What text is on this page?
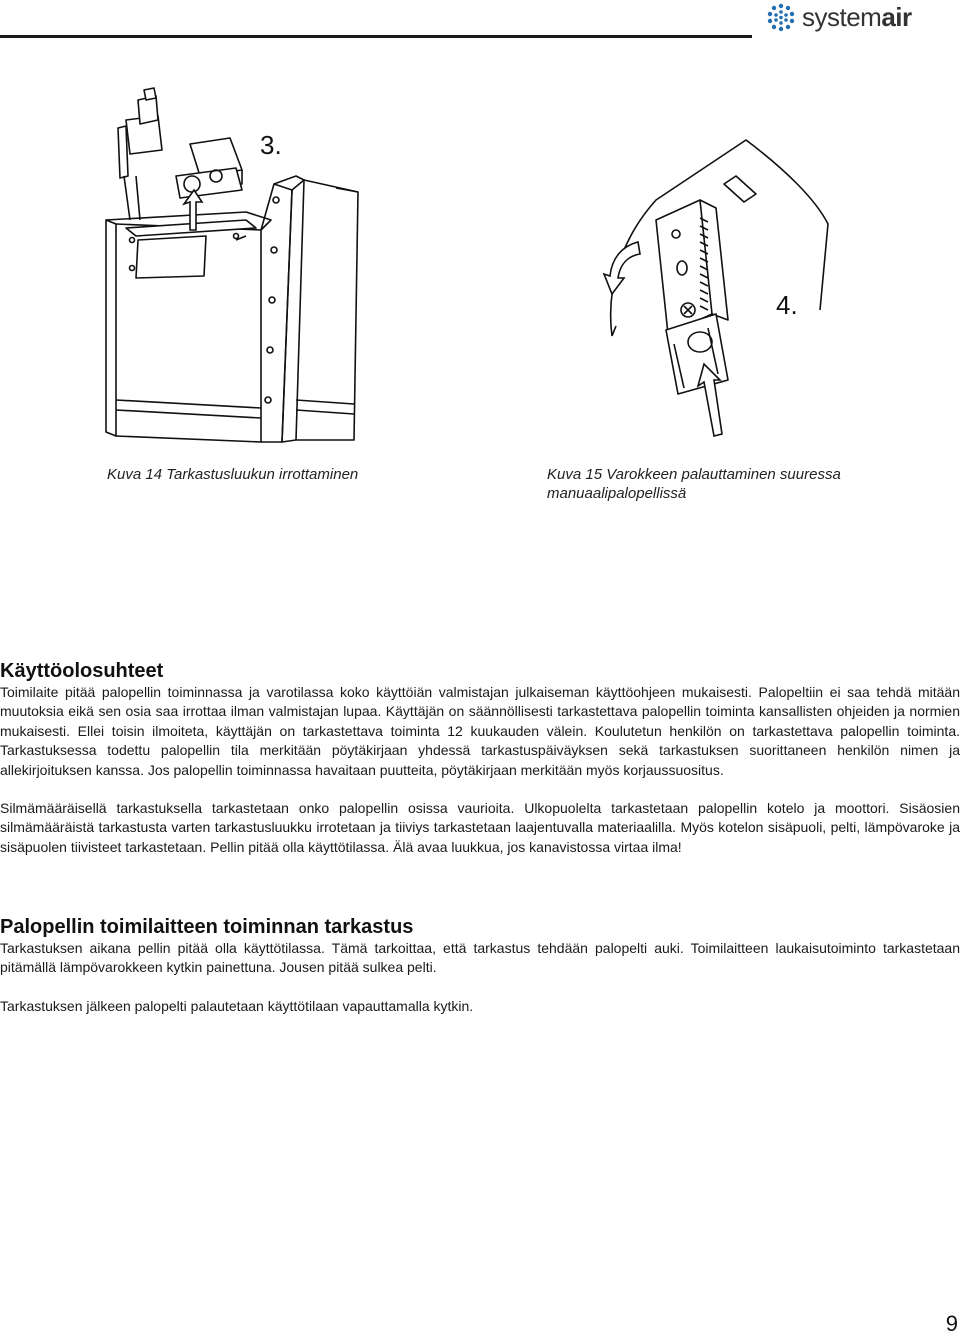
systemair
3.
4.
Kuva 14 Tarkastusluukun irrottaminen	Kuva 15 Varokkeen palauttaminen suuressa
manuaalipalopellissä
Käyttöolosuhteet

Toimilaite pitää palopellin toiminnassa ja varotilassa koko käyttöiän valmistajan julkaiseman käyttöohjeen mukaisesti. Palopeltiin ei saa tehdä mitään muutoksia eikä sen osia saa irrottaa ilman valmistajan lupaa. Käyttäjän on säännöllisesti tarkastettava palopellin toiminta kansallisten ohjeiden ja normien mukaisesti. Ellei toisin ilmoiteta, käyttäjän on tarkastettava toiminta 12 kuukauden välein. Koulutetun henkilön on tarkastettava palopellin toiminta. Tarkastuksessa todettu palopellin tila merkitään pöytäkirjaan yhdessä tarkastuspäiväyksen sekä tarkastuksen suorittaneen henkilön nimen ja allekirjoituksen kanssa. Jos palopellin toiminnassa havaitaan puutteita, pöytäkirjaan merkitään myös korjaussuositus.

Silmämääräisellä tarkastuksella tarkastetaan onko palopellin osissa vaurioita. Ulkopuolelta tarkastetaan palopellin kotelo ja moottori. Sisäosien silmämääräistä tarkastusta varten tarkastusluukku irrotetaan ja tiiviys tarkastetaan laajentuvalla materiaalilla. Myös kotelon sisäpuoli, pelti, lämpövaroke ja sisäpuolen tiivisteet tarkastetaan. Pellin pitää olla käyttötilassa. Älä avaa luukkua, jos kanavistossa virtaa ilma!

Palopellin toimilaitteen toiminnan tarkastus

Tarkastuksen aikana pellin pitää olla käyttötilassa. Tämä tarkoittaa, että tarkastus tehdään palopelti auki. Toimilaitteen laukaisutoiminto tarkastetaan pitämällä lämpövarokkeen kytkin painettuna. Jousen pitää sulkea pelti.

Tarkastuksen jälkeen palopelti palautetaan käyttötilaan vapauttamalla kytkin.

9
